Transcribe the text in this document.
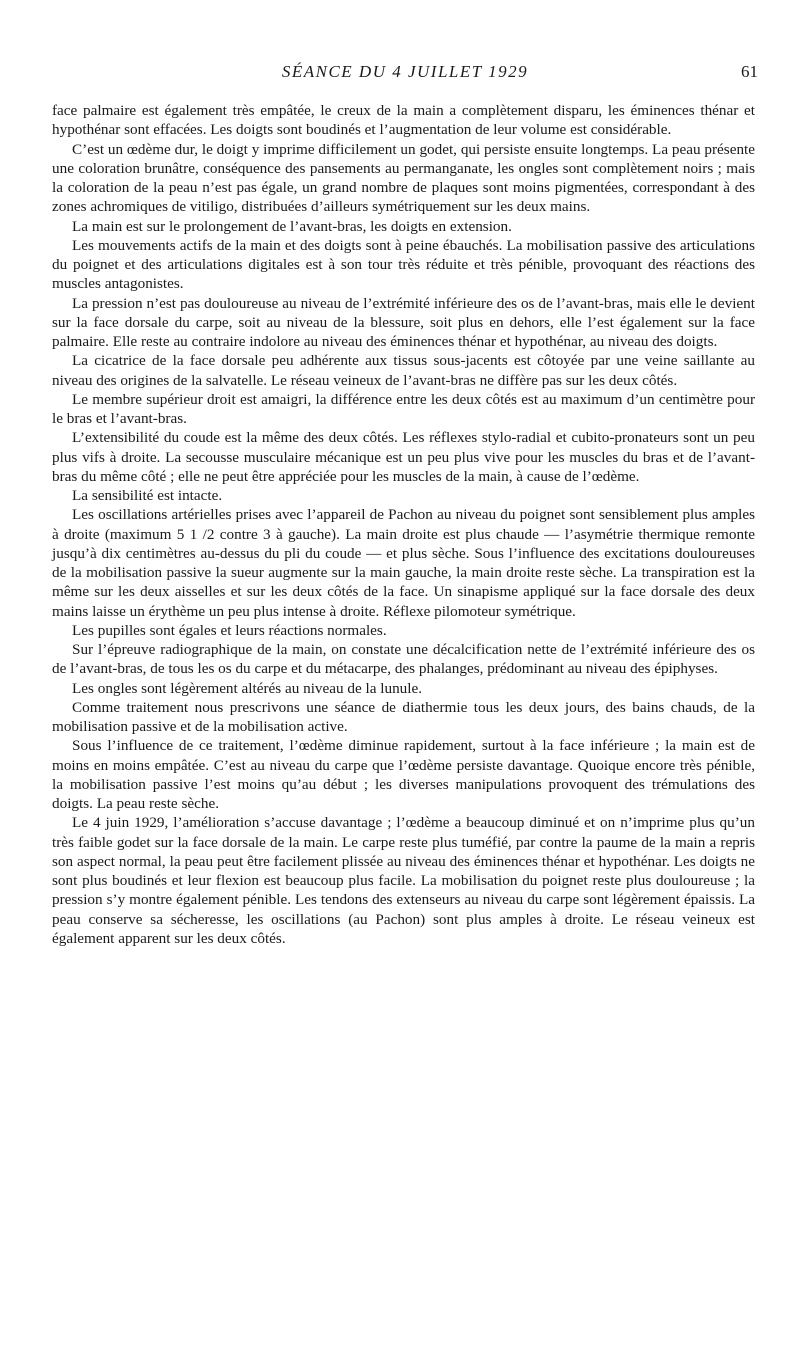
SÉANCE DU 4 JUILLET 1929	61

face palmaire est également très empâtée, le creux de la main a complètement disparu, les éminences thénar et hypothénar sont effacées. Les doigts sont boudinés et l’augmentation de leur volume est considérable.

C’est un œdème dur, le doigt y imprime difficilement un godet, qui persiste ensuite longtemps. La peau présente une coloration brunâtre, conséquence des pansements au permanganate, les ongles sont complètement noirs ; mais la coloration de la peau n’est pas égale, un grand nombre de plaques sont moins pigmentées, correspondant à des zones achromiques de vitiligo, distribuées d’ailleurs symétriquement sur les deux mains.

La main est sur le prolongement de l’avant-bras, les doigts en extension.

Les mouvements actifs de la main et des doigts sont à peine ébauchés. La mobilisation passive des articulations du poignet et des articulations digitales est à son tour très réduite et très pénible, provoquant des réactions des muscles antagonistes.

La pression n’est pas douloureuse au niveau de l’extrémité inférieure des os de l’avant-bras, mais elle le devient sur la face dorsale du carpe, soit au niveau de la blessure, soit plus en dehors, elle l’est également sur la face palmaire. Elle reste au contraire indolore au niveau des éminences thénar et hypothénar, au niveau des doigts.

La cicatrice de la face dorsale peu adhérente aux tissus sous-jacents est côtoyée par une veine saillante au niveau des origines de la salvatelle. Le réseau veineux de l’avant-bras ne diffère pas sur les deux côtés.

Le membre supérieur droit est amaigri, la différence entre les deux côtés est au maximum d’un centimètre pour le bras et l’avant-bras.

L’extensibilité du coude est la même des deux côtés. Les réflexes stylo-radial et cubito-pronateurs sont un peu plus vifs à droite. La secousse musculaire mécanique est un peu plus vive pour les muscles du bras et de l’avant-bras du même côté ; elle ne peut être appréciée pour les muscles de la main, à cause de l’œdème.

La sensibilité est intacte.

Les oscillations artérielles prises avec l’appareil de Pachon au niveau du poignet sont sensiblement plus amples à droite (maximum 5 1 /2 contre 3 à gauche). La main droite est plus chaude — l’asymétrie thermique remonte jusqu’à dix centimètres au-dessus du pli du coude — et plus sèche. Sous l’influence des excitations douloureuses de la mobilisation passive la sueur augmente sur la main gauche, la main droite reste sèche. La transpiration est la même sur les deux aisselles et sur les deux côtés de la face. Un sinapisme appliqué sur la face dorsale des deux mains laisse un érythème un peu plus intense à droite. Réflexe pilomoteur symétrique.

Les pupilles sont égales et leurs réactions normales.

Sur l’épreuve radiographique de la main, on constate une décalcification nette de l’extrémité inférieure des os de l’avant-bras, de tous les os du carpe et du métacarpe, des phalanges, prédominant au niveau des épiphyses.

Les ongles sont légèrement altérés au niveau de la lunule.

Comme traitement nous prescrivons une séance de diathermie tous les deux jours, des bains chauds, de la mobilisation passive et de la mobilisation active.

Sous l’influence de ce traitement, l’œdème diminue rapidement, surtout à la face inférieure ; la main est de moins en moins empâtée. C’est au niveau du carpe que l’œdème persiste davantage. Quoique encore très pénible, la mobilisation passive l’est moins qu’au début ; les diverses manipulations provoquent des trémulations des doigts. La peau reste sèche.

Le 4 juin 1929, l’amélioration s’accuse davantage ; l’œdème a beaucoup diminué et on n’imprime plus qu’un très faible godet sur la face dorsale de la main. Le carpe reste plus tuméfié, par contre la paume de la main a repris son aspect normal, la peau peut être facilement plissée au niveau des éminences thénar et hypothénar. Les doigts ne sont plus boudinés et leur flexion est beaucoup plus facile. La mobilisation du poignet reste plus douloureuse ; la pression s’y montre également pénible. Les tendons des extenseurs au niveau du carpe sont légèrement épaissis. La peau conserve sa sécheresse, les oscillations (au Pachon) sont plus amples à droite. Le réseau veineux est également apparent sur les deux côtés.
